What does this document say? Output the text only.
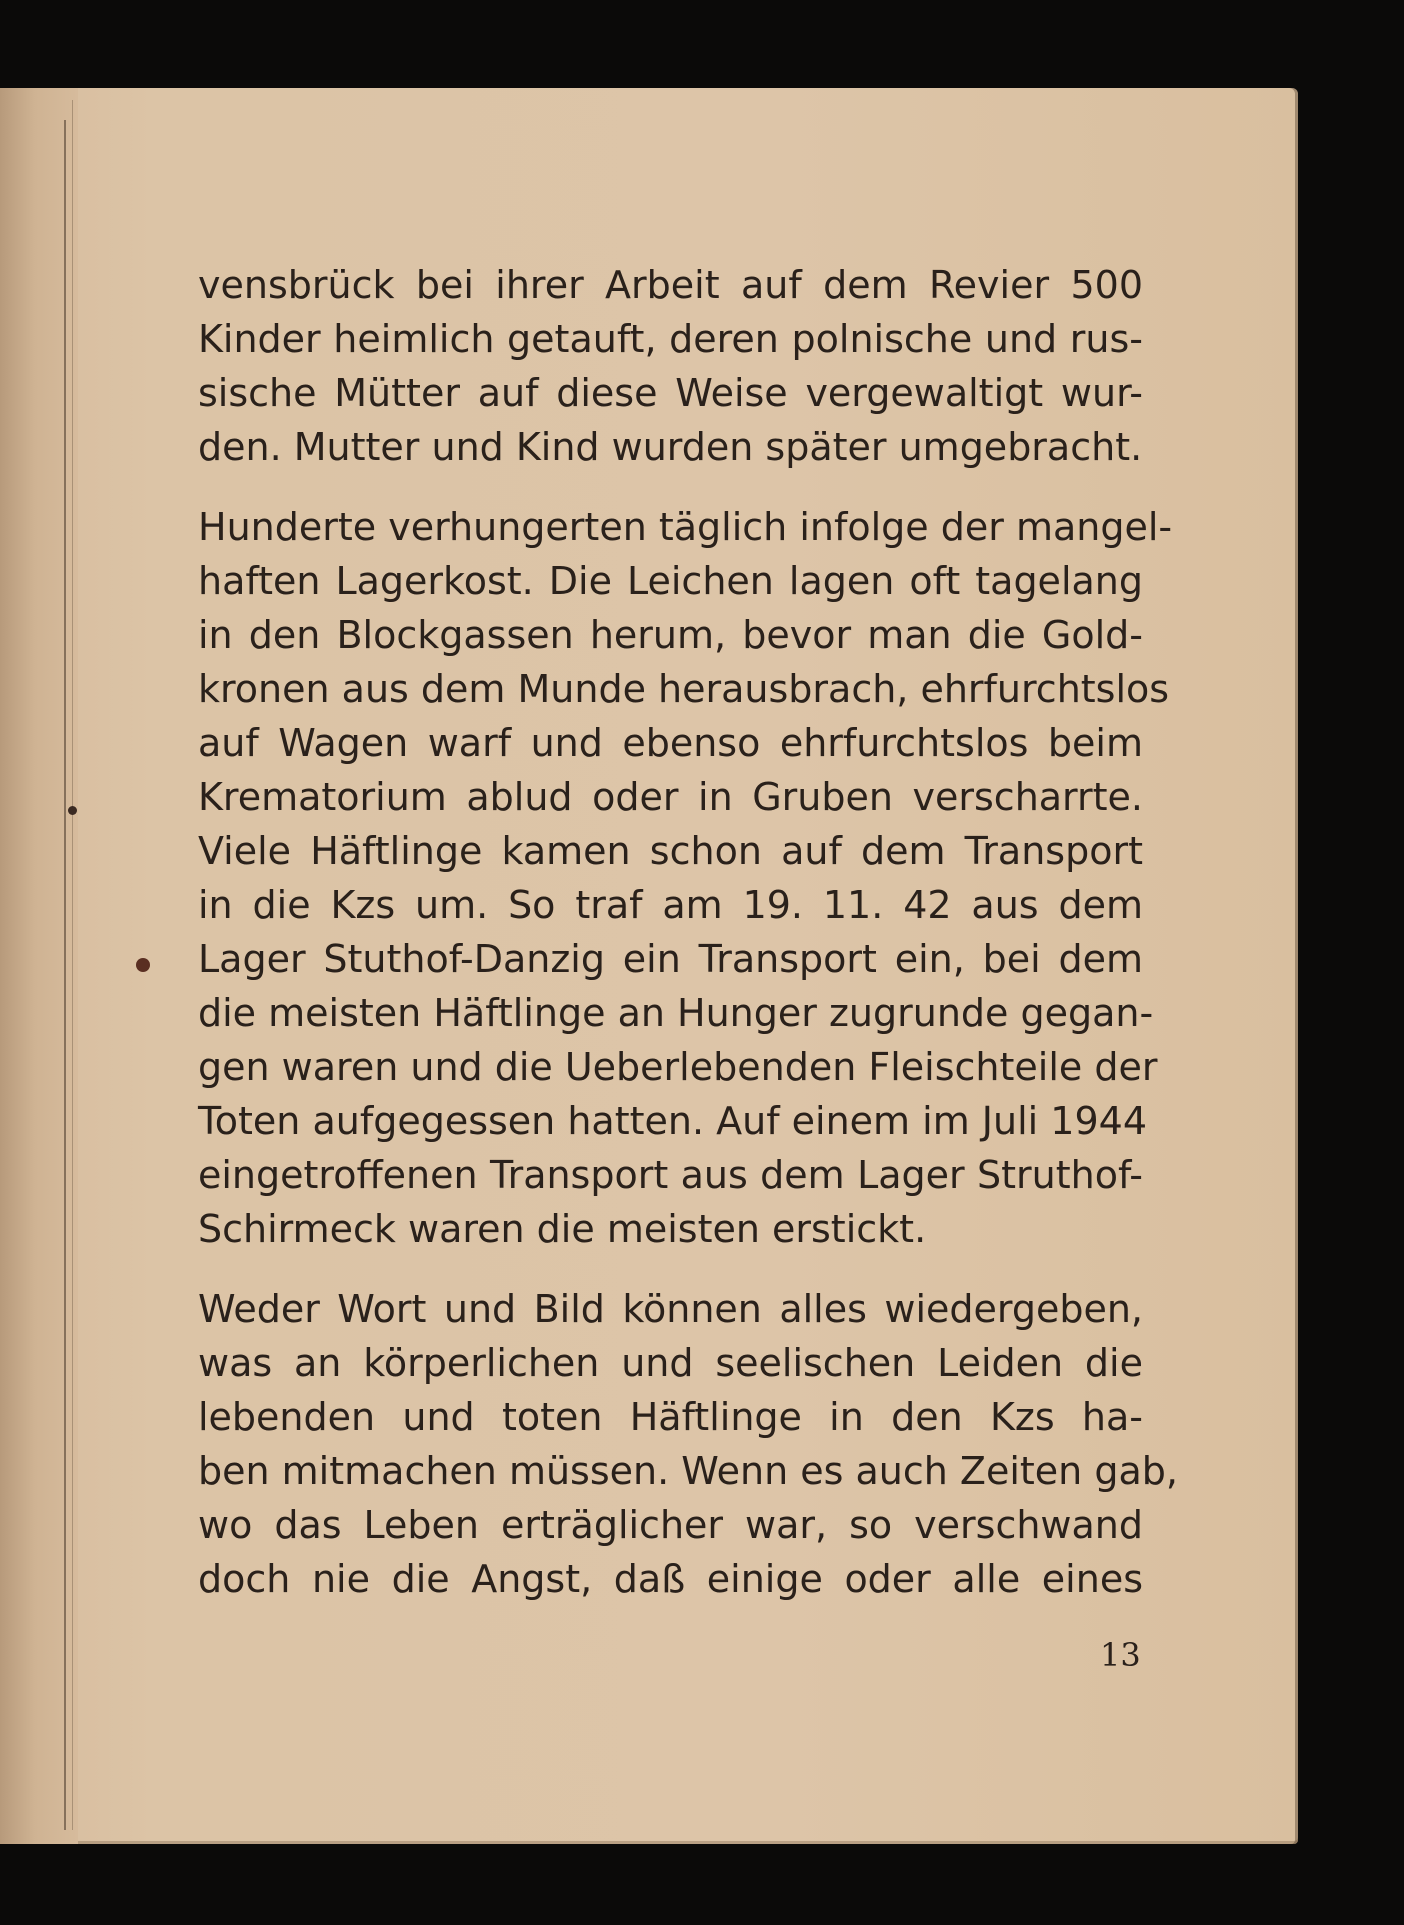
vensbrück bei ihrer Arbeit auf dem Revier 500
Kinder heimlich getauft, deren polnische und rus-
sische Mütter auf diese Weise vergewaltigt wur-
den. Mutter und Kind wurden später umgebracht.
Hunderte verhungerten täglich infolge der mangel-
haften Lagerkost. Die Leichen lagen oft tagelang
in den Blockgassen herum, bevor man die Gold-
kronen aus dem Munde herausbrach, ehrfurchtslos
auf Wagen warf und ebenso ehrfurchtslos beim
Krematorium ablud oder in Gruben verscharrte.
Viele Häftlinge kamen schon auf dem Transport
in die Kzs um. So traf am 19. 11. 42 aus dem
Lager Stuthof-Danzig ein Transport ein, bei dem
die meisten Häftlinge an Hunger zugrunde gegan-
gen waren und die Ueberlebenden Fleischteile der
Toten aufgegessen hatten. Auf einem im Juli 1944
eingetroffenen Transport aus dem Lager Struthof-
Schirmeck waren die meisten erstickt.
Weder Wort und Bild können alles wiedergeben,
was an körperlichen und seelischen Leiden die
lebenden und toten Häftlinge in den Kzs ha-
ben mitmachen müssen. Wenn es auch Zeiten gab,
wo das Leben erträglicher war, so verschwand
doch nie die Angst, daß einige oder alle eines
13
